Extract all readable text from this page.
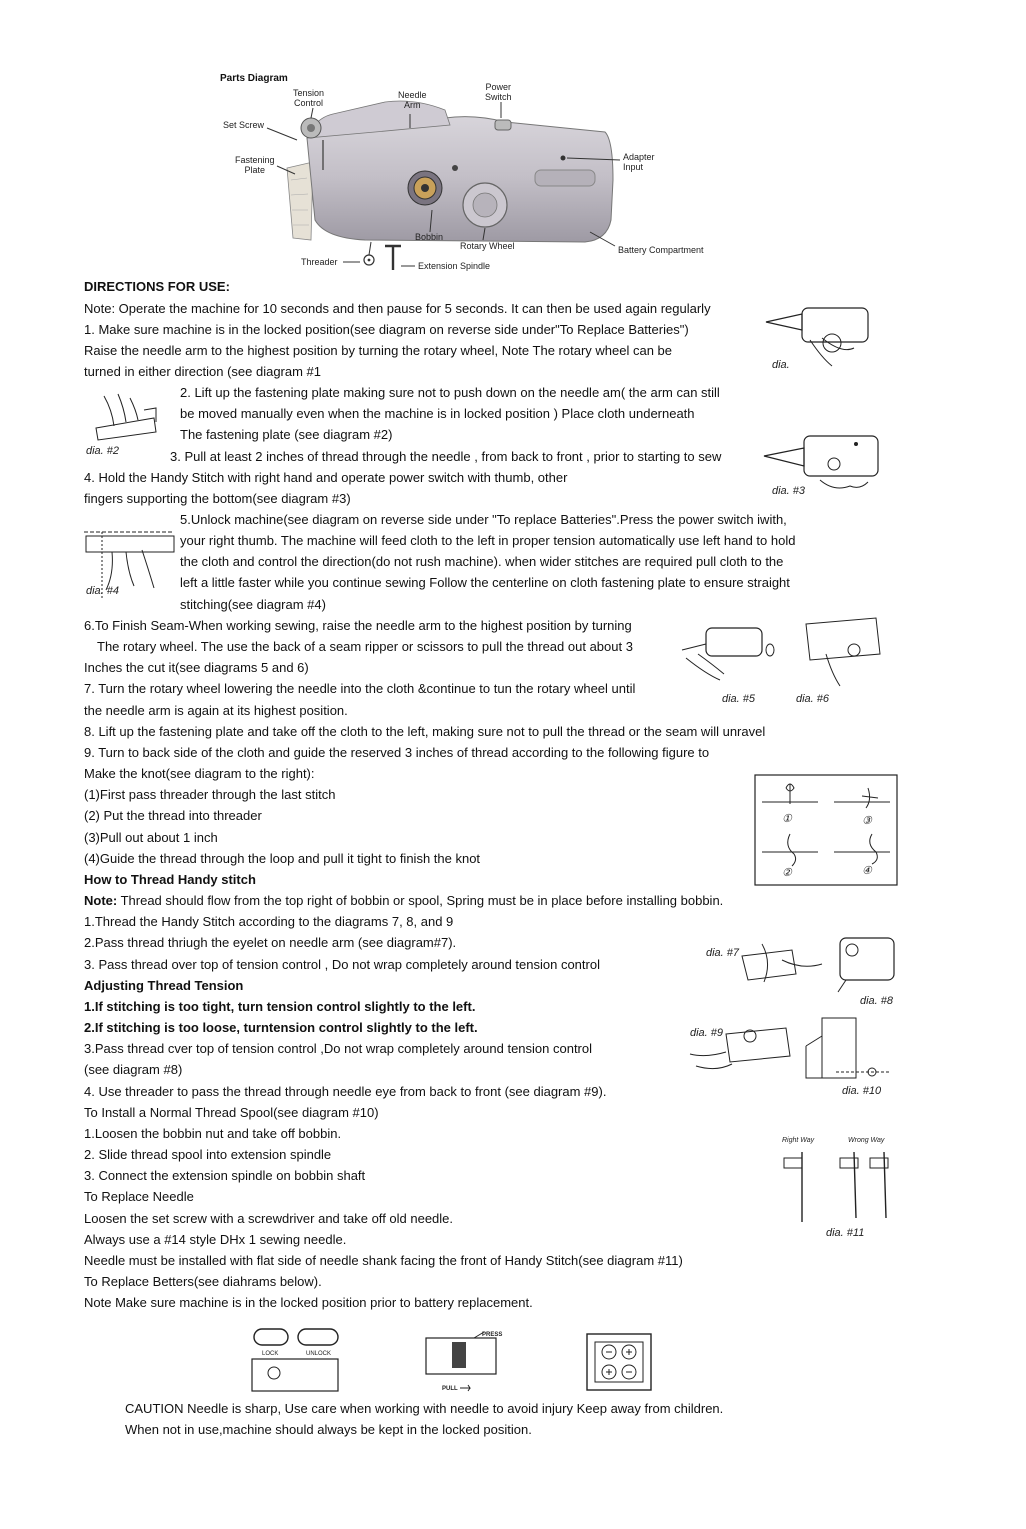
Parts Diagram
Tension
Control
Needle
Arm
Power
Switch
Set Screw
Fastening
Plate
Adapter
Input
Bobbin
Rotary Wheel	Battery Compartment
Threader	Extension Spindle
DIRECTIONS FOR USE:
Note: Operate the machine for 10 seconds and then pause for 5 seconds. It can then be used again regularly
1. Make sure machine is in the locked position(see diagram on reverse side under"To Replace Batteries")
Raise the needle arm to the highest position by turning the rotary wheel, Note The rotary wheel can be
turned in either direction (see diagram #1
2. Lift up the fastening plate making sure not to push down on the needle am( the arm can still
be moved manually even when the machine is in locked position ) Place cloth underneath
The fastening plate (see diagram #2)
3. Pull at least 2 inches of thread through the needle , from back to front , prior to starting to sew
4. Hold the Handy Stitch with right hand and operate power switch with thumb, other
fingers supporting the bottom(see diagram #3)
5.Unlock machine(see diagram on reverse side under "To replace Batteries".Press the power switch iwith,
your right thumb. The machine will feed cloth to the left in proper tension automatically use left hand to hold
the cloth and control the direction(do not rush machine). when wider stitches are required pull cloth to the
left a little faster while you continue sewing Follow the centerline on cloth fastening plate to ensure straight
stitching(see diagram #4)
6.To Finish Seam-When working sewing, raise the needle arm to the highest position by turning
The rotary wheel. The use the back of a seam ripper or scissors to pull the thread out about 3
Inches the cut it(see diagrams 5 and 6)
7. Turn the rotary wheel lowering the needle into the cloth &continue to tun the rotary wheel until
the needle arm is again at its highest position.
8. Lift up the fastening plate and take off the cloth to the left, making sure not to pull the thread or the seam will unravel
9. Turn to back side of the cloth and guide the reserved 3 inches of thread according to the following figure to
Make the knot(see diagram to the right):
(1)First pass threader through the last stitch
(2) Put the thread into threader
(3)Pull out about 1 inch
(4)Guide the thread through the loop and pull it tight to finish the knot
How to Thread Handy stitch
Note: Thread should flow from the top right of bobbin or spool, Spring must be in place before installing bobbin.
1.Thread the Handy Stitch according to the diagrams 7, 8, and 9
2.Pass thread thriugh the eyelet on needle arm (see diagram#7).
3. Pass thread over top of tension control , Do not wrap completely around tension control
Adjusting Thread Tension
1.If stitching is too tight, turn tension control slightly to the left.
2.If stitching is too loose, turntension control slightly to the left.
3.Pass thread cver top of tension control ,Do not wrap completely around tension control
(see diagram #8)
4. Use threader to pass the thread through needle eye from back to front (see diagram #9).
To Install a Normal Thread Spool(see diagram #10)
1.Loosen the bobbin nut and take off bobbin.
2. Slide thread spool into extension spindle
3. Connect the extension spindle on bobbin shaft
To Replace Needle
Loosen the set screw with a screwdriver and take off old needle.
Always use a #14 style DHx 1 sewing needle.
Needle must be installed with flat side of needle shank facing the front of Handy Stitch(see diagram #11)
To Replace Betters(see diahrams below).
Note Make sure machine is in the locked position prior to battery replacement.
CAUTION Needle is sharp, Use care when working with needle to avoid injury Keep away from children.
When not in use,machine should always be kept in the locked position.
dia.
dia. #2
dia. #3
dia. #4
dia. #5	dia. #6
①	③
②	④
dia. #7
dia. #8
dia. #9
dia. #10
Right Way	Wrong Way
dia. #11
LOCK	UNLOCK
PRESS
PULL
